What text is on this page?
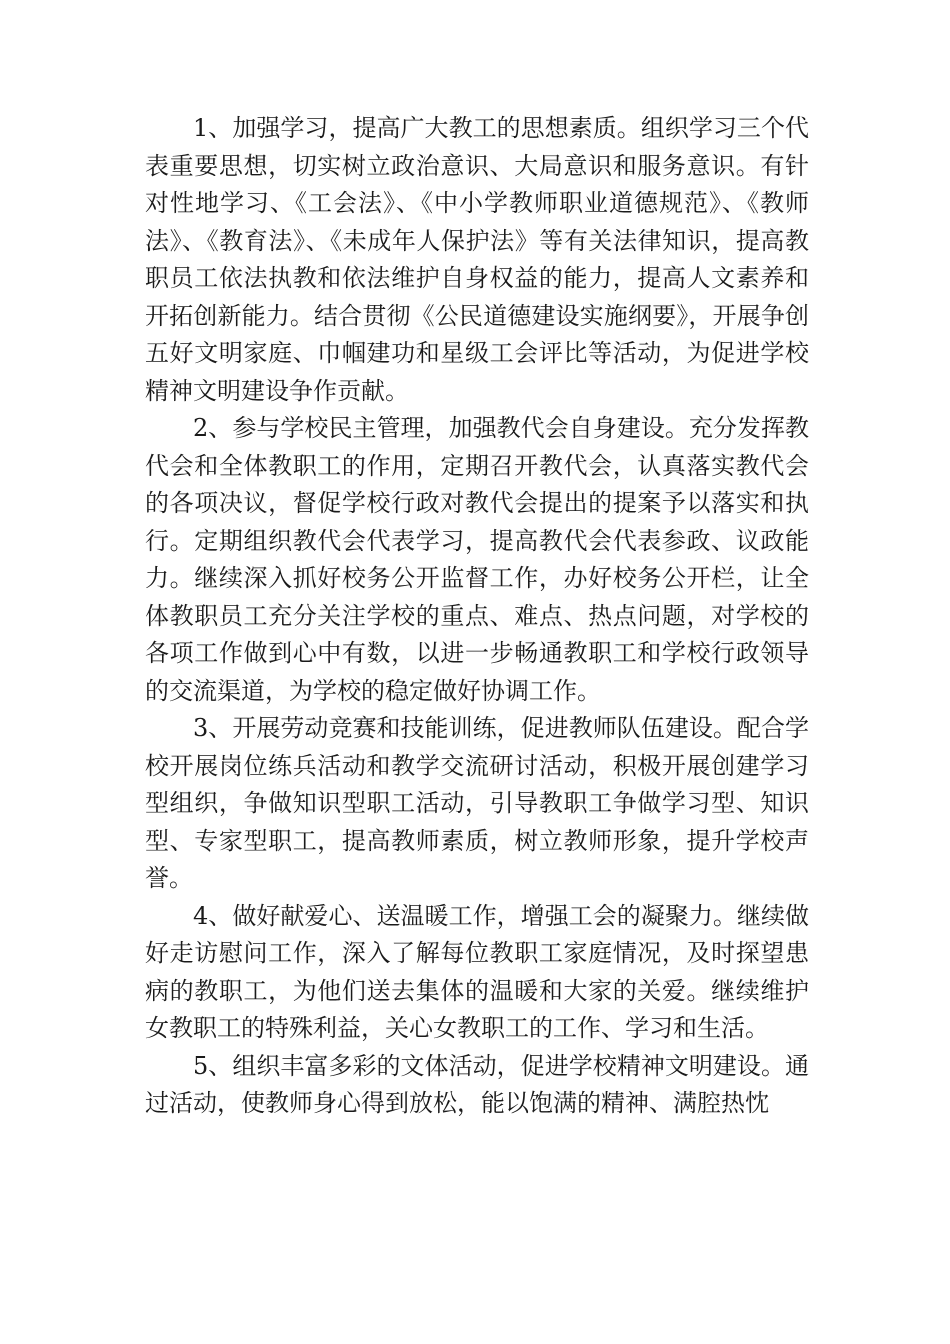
1、加强学习，提高广大教工的思想素质。组织学习三个代表重要思想，切实树立政治意识、大局意识和服务意识。有针对性地学习、《工会法》、《中小学教师职业道德规范》、《教师法》、《教育法》、《未成年人保护法》等有关法律知识，提高教职员工依法执教和依法维护自身权益的能力，提高人文素养和开拓创新能力。结合贯彻《公民道德建设实施纲要》，开展争创五好文明家庭、巾帼建功和星级工会评比等活动，为促进学校精神文明建设争作贡献。

2、参与学校民主管理，加强教代会自身建设。充分发挥教代会和全体教职工的作用，定期召开教代会，认真落实教代会的各项决议，督促学校行政对教代会提出的提案予以落实和执行。定期组织教代会代表学习，提高教代会代表参政、议政能力。继续深入抓好校务公开监督工作，办好校务公开栏，让全体教职员工充分关注学校的重点、难点、热点问题，对学校的各项工作做到心中有数，以进一步畅通教职工和学校行政领导的交流渠道，为学校的稳定做好协调工作。

3、开展劳动竞赛和技能训练，促进教师队伍建设。配合学校开展岗位练兵活动和教学交流研讨活动，积极开展创建学习型组织，争做知识型职工活动，引导教职工争做学习型、知识型、专家型职工，提高教师素质，树立教师形象，提升学校声誉。

4、做好献爱心、送温暖工作，增强工会的凝聚力。继续做好走访慰问工作，深入了解每位教职工家庭情况，及时探望患病的教职工，为他们送去集体的温暖和大家的关爱。继续维护女教职工的特殊利益，关心女教职工的工作、学习和生活。

5、组织丰富多彩的文体活动，促进学校精神文明建设。通过活动，使教师身心得到放松，能以饱满的精神、满腔热忱
